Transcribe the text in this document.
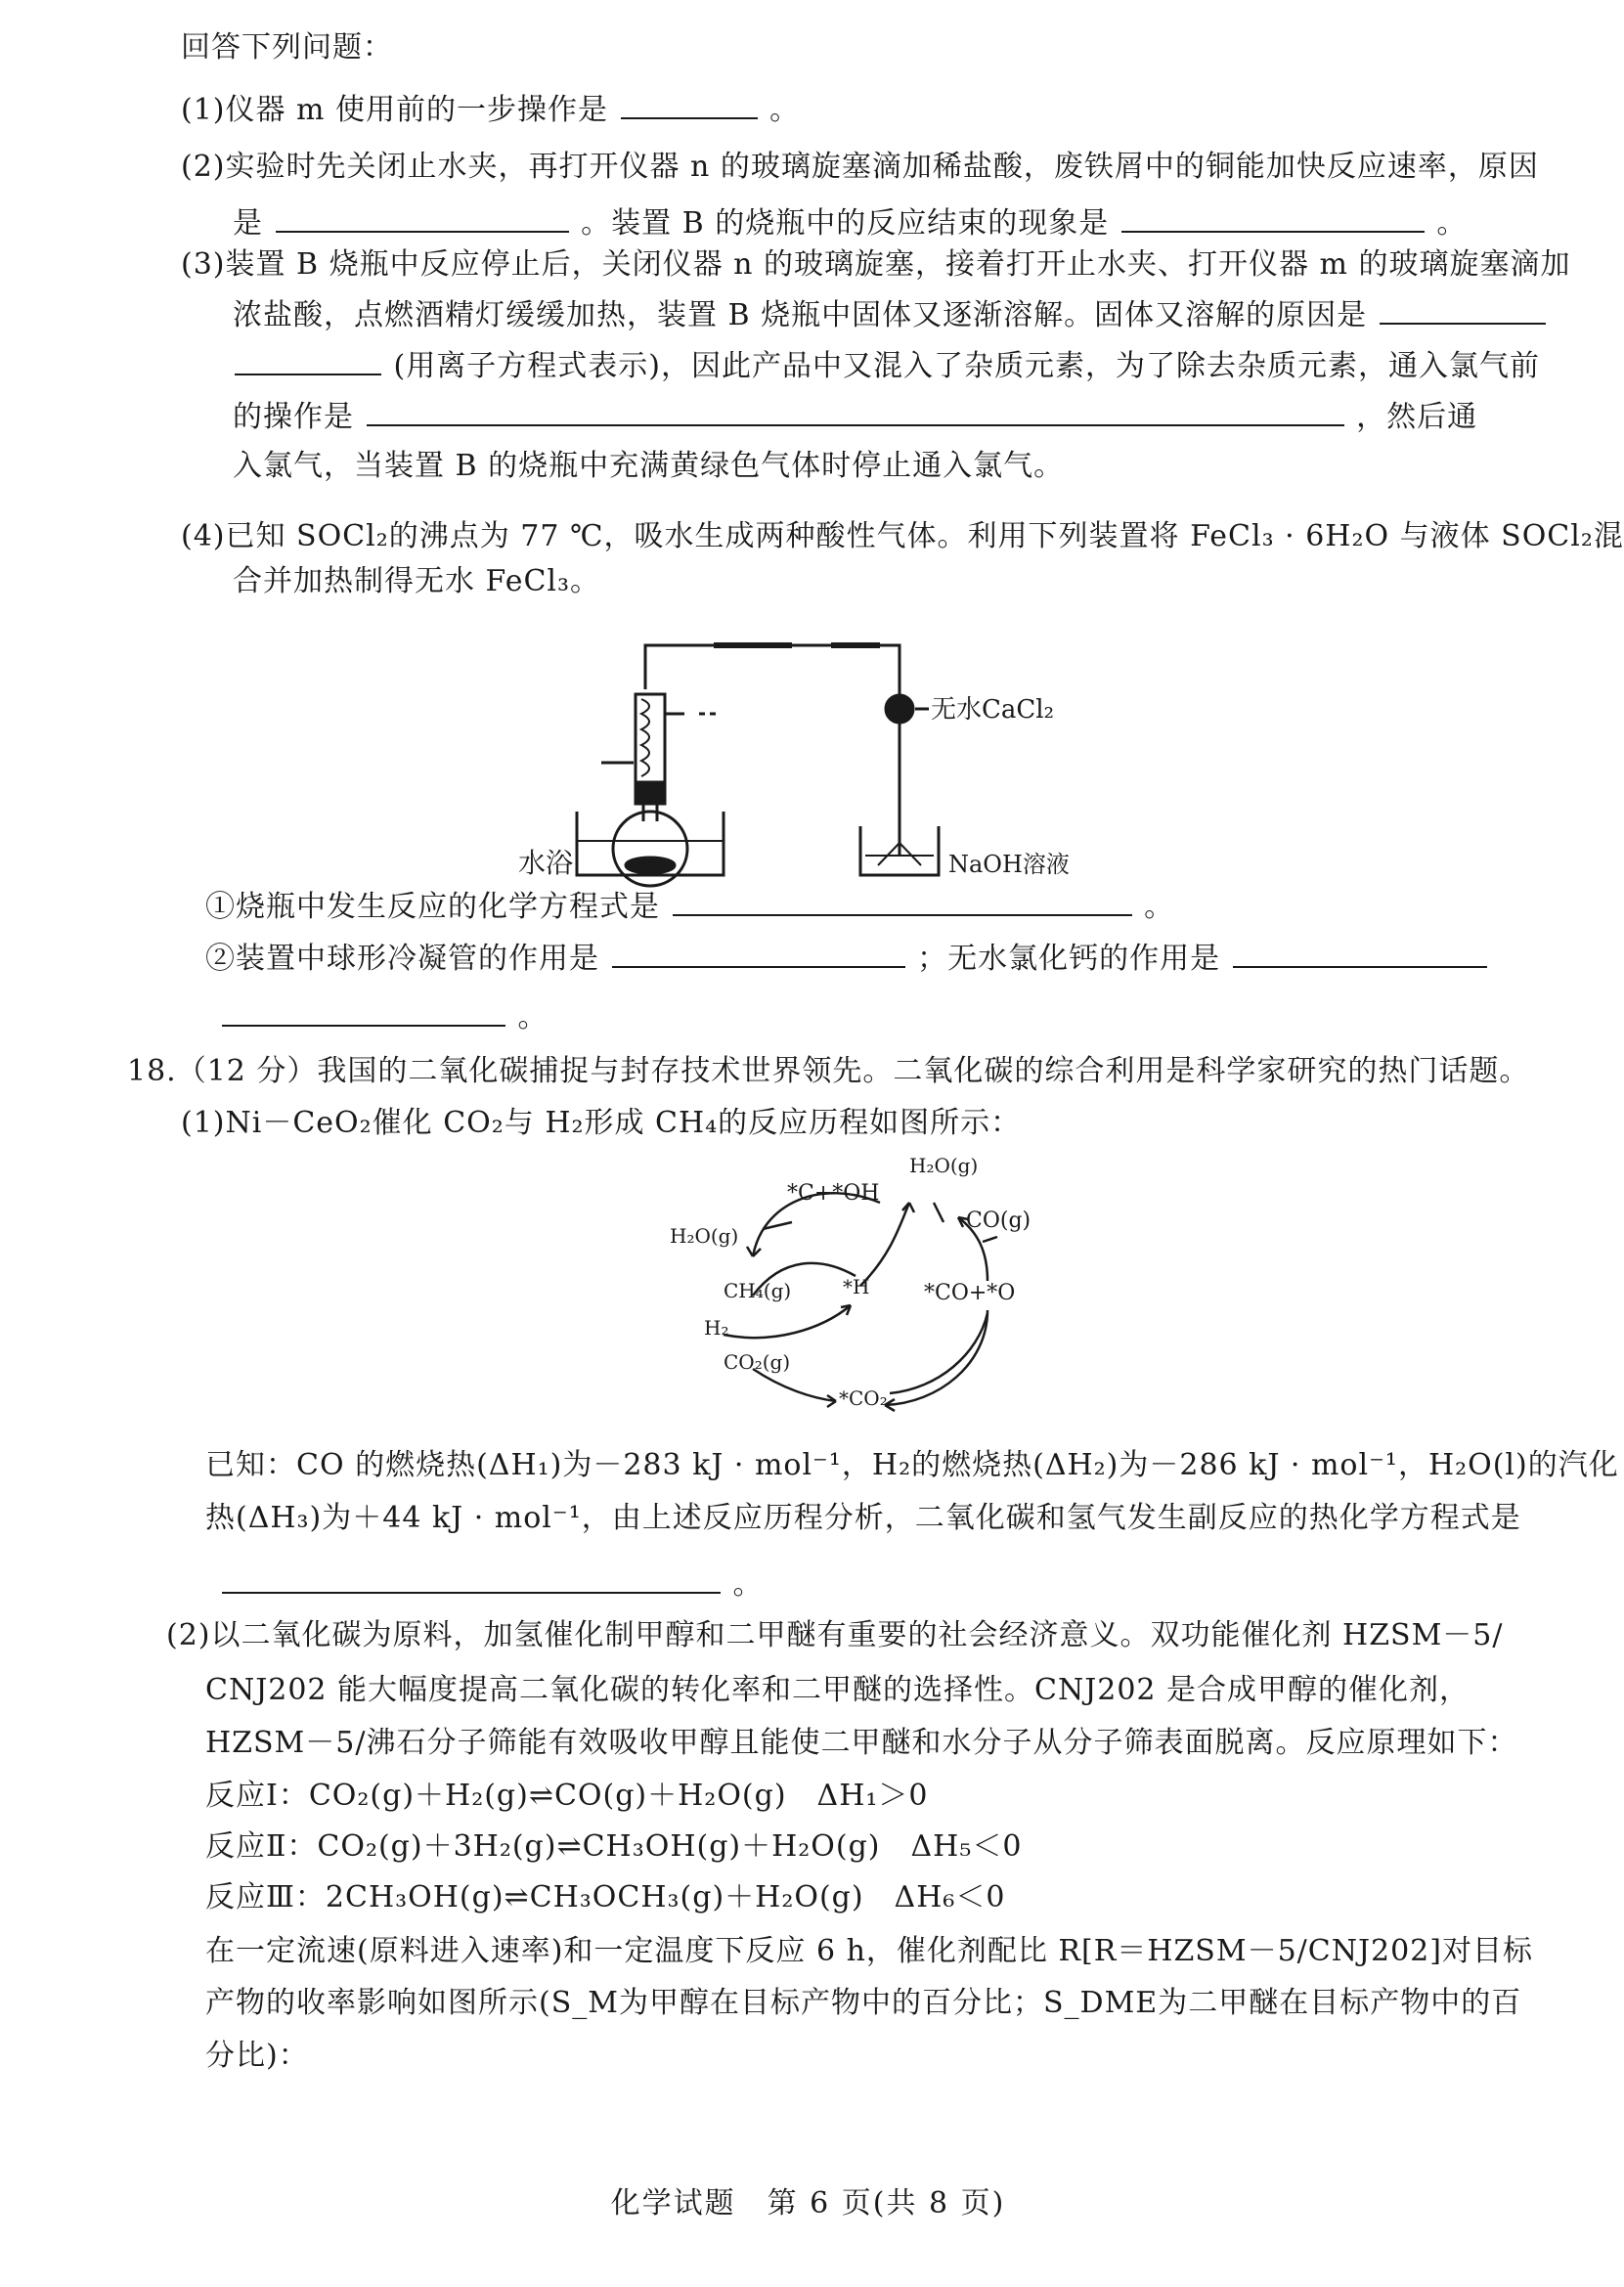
回答下列问题：
(1)仪器 m 使用前的一步操作是	。
(2)实验时先关闭止水夹，再打开仪器 n 的玻璃旋塞滴加稀盐酸，废铁屑中的铜能加快反应速率，原因
是	。装置 B 的烧瓶中的反应结束的现象是	。
(3)装置 B 烧瓶中反应停止后，关闭仪器 n 的玻璃旋塞，接着打开止水夹、打开仪器 m 的玻璃旋塞滴加
浓盐酸，点燃酒精灯缓缓加热，装置 B 烧瓶中固体又逐渐溶解。固体又溶解的原因是
(用离子方程式表示)，因此产品中又混入了杂质元素，为了除去杂质元素，通入氯气前
的操作是	，然后通
入氯气，当装置 B 的烧瓶中充满黄绿色气体时停止通入氯气。
(4)已知 SOCl₂的沸点为 77 ℃，吸水生成两种酸性气体。利用下列装置将 FeCl₃ · 6H₂O 与液体 SOCl₂混
合并加热制得无水 FeCl₃。
无水CaCl₂
水浴	NaOH溶液
①烧瓶中发生反应的化学方程式是	。
②装置中球形冷凝管的作用是	；无水氯化钙的作用是
。
18.（12 分）我国的二氧化碳捕捉与封存技术世界领先。二氧化碳的综合利用是科学家研究的热门话题。
(1)Ni－CeO₂催化 CO₂与 H₂形成 CH₄的反应历程如图所示：
*C+*OH
H₂O(g)
CO(g)
H₂O(g)
CH₄(g)	*H	*CO+*O
H₂
CO₂(g)
*CO₂
已知：CO 的燃烧热(ΔH₁)为－283 kJ · mol⁻¹，H₂的燃烧热(ΔH₂)为－286 kJ · mol⁻¹，H₂O(l)的汽化
热(ΔH₃)为＋44 kJ · mol⁻¹，由上述反应历程分析，二氧化碳和氢气发生副反应的热化学方程式是
。
(2)以二氧化碳为原料，加氢催化制甲醇和二甲醚有重要的社会经济意义。双功能催化剂 HZSM－5/
CNJ202 能大幅度提高二氧化碳的转化率和二甲醚的选择性。CNJ202 是合成甲醇的催化剂，
HZSM－5/沸石分子筛能有效吸收甲醇且能使二甲醚和水分子从分子筛表面脱离。反应原理如下：
反应Ⅰ：CO₂(g)＋H₂(g)⇌CO(g)＋H₂O(g)　ΔH₁＞0
反应Ⅱ：CO₂(g)＋3H₂(g)⇌CH₃OH(g)＋H₂O(g)　ΔH₅＜0
反应Ⅲ：2CH₃OH(g)⇌CH₃OCH₃(g)＋H₂O(g)　ΔH₆＜0
在一定流速(原料进入速率)和一定温度下反应 6 h，催化剂配比 R[R＝HZSM－5/CNJ202]对目标
产物的收率影响如图所示(S_M为甲醇在目标产物中的百分比；S_DME为二甲醚在目标产物中的百
分比)：
化学试题　第 6 页(共 8 页)
